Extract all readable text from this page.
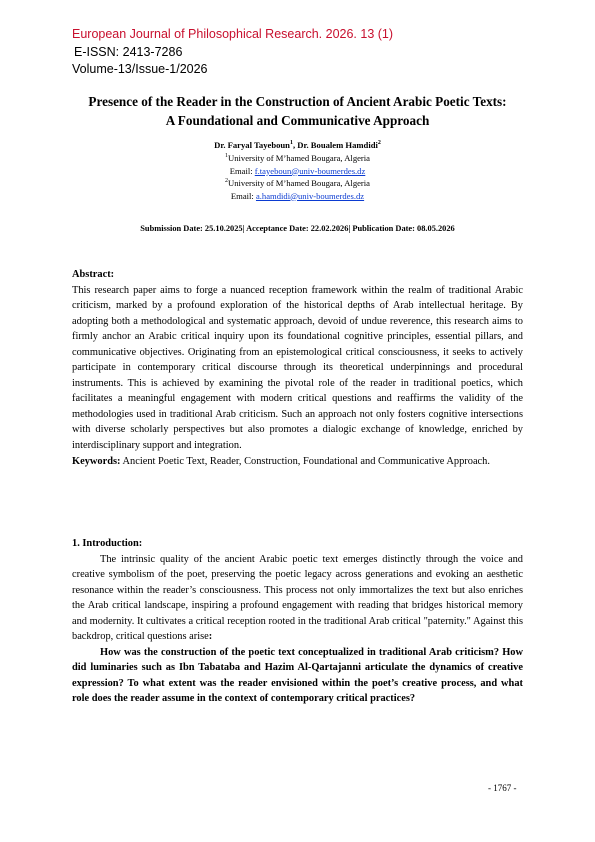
European Journal of Philosophical Research. 2026. 13 (1)
E-ISSN: 2413-7286
Volume-13/Issue-1/2026
Presence of the Reader in the Construction of Ancient Arabic Poetic Texts:
A Foundational and Communicative Approach
Dr. Faryal Tayeboun$^1$, Dr. Boualem Hamdidi$^2$
$^1$University of M’hamed Bougara, Algeria
Email: f.tayeboun@univ-boumerdes.dz
$^2$University of M’hamed Bougara, Algeria
Email: a.hamdidi@univ-boumerdes.dz
Submission Date: 25.10.2025| Acceptance Date: 22.02.2026| Publication Date: 08.05.2026
Abstract:
This research paper aims to forge a nuanced reception framework within the realm of traditional Arabic criticism, marked by a profound exploration of the historical depths of Arab intellectual heritage. By adopting both a methodological and systematic approach, devoid of undue reverence, this research aims to firmly anchor an Arabic critical inquiry upon its foundational cognitive principles, essential pillars, and communicative objectives. Originating from an epistemological critical consciousness, it seeks to actively participate in contemporary critical discourse through its theoretical underpinnings and procedural instruments. This is achieved by examining the pivotal role of the reader in traditional poetics, which facilitates a meaningful engagement with modern critical questions and reaffirms the validity of the methodologies used in traditional Arab criticism. Such an approach not only fosters cognitive intersections with diverse scholarly perspectives but also promotes a dialogic exchange of knowledge, enriched by interdisciplinary support and integration.
Keywords: Ancient Poetic Text, Reader, Construction, Foundational and Communicative Approach.
1. Introduction:
The intrinsic quality of the ancient Arabic poetic text emerges distinctly through the voice and creative symbolism of the poet, preserving the poetic legacy across generations and evoking an aesthetic resonance within the reader’s consciousness. This process not only immortalizes the text but also enriches the Arab critical landscape, inspiring a profound engagement with reading that bridges historical memory and modernity. It cultivates a critical reception rooted in the traditional Arab critical "paternity." Against this backdrop, critical questions arise:
How was the construction of the poetic text conceptualized in traditional Arab criticism? How did luminaries such as Ibn Tabataba and Hazim Al-Qartajanni articulate the dynamics of creative expression? To what extent was the reader envisioned within the poet’s creative process, and what role does the reader assume in the context of contemporary critical practices?
- 1767 -
